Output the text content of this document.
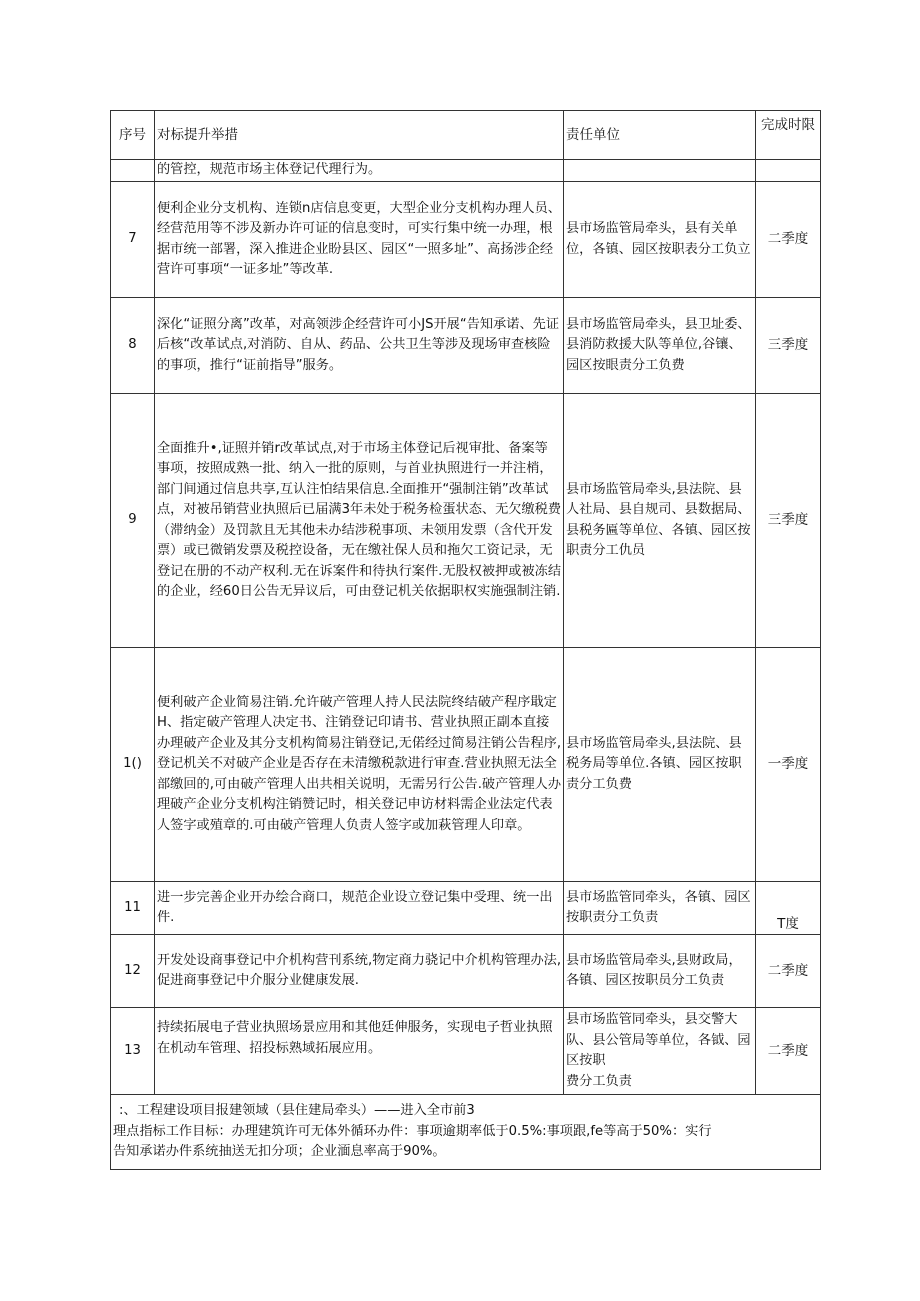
序号	对标提升举措	责任单位	完成时限

	的管控，规范市场主体登记代理行为。		
7	便利企业分支机构、连锁n店信息变更，大型企业分支机构办理人员、经营范用等不涉及新办许可证的信息变时，可实行集中统一办理，根据市统一部署，深入推进企业盼县区、园区“一照多址”、高扬涉企经营许可事项“一证多址”等改革.	县市场监管局牵头，县有关单位，各镇、园区按职表分工负立	二季度
8	深化“证照分离”改革，对高领涉企经营许可小JS开展“告知承诺、先证后核“改革试点,对消防、自从、药品、公共卫生等涉及现场审查核险的事项，推行“证前指导”服务。	县市场监管局牵头，县卫址委、县消防救援大队等单位,谷镶、园区按眼责分工负费	三季度
9	全面推升•,证照并销r改革试点,对于市场主体登记后视审批、备案等事项，按照成熟一批、纳入一批的原则，与首业执照进行一并注梢，部门间通过信息共享,互认注怕结果信息.全面推开“强制注销”改革试点，对被吊销营业执照后已届满3年未处于税务检蛋状态、无欠缴税费（滞纳金）及罚款且无其他未办结涉税事项、未领用发票（含代开发票）或已微销发票及税控设备，无在缴社保人员和拖欠工资记录，无登记在册的不动产权利.无在诉案件和待执行案件.无股权被押或被冻结的企业，经60日公告无异议后，可由登记机关依据职权实施强制注销.	县市场监管局牵头,县法院、县人社局、县自规司、县数据局、县税务匾等单位、各镇、园区按职责分工仇员	三季度
1()	便利破产企业简易注销.允许破产管理人持人民法院终结破产程序戢定H、指定破产管理人决定书、注销登记印请书、营业执照正副本直接办理破产企业及其分支机构简易注销登记,无偌经过简易注销公告程序,登记机关不对破产企业是否存在未清缴税款进行审查.营业执照无法全部缴回的,可由破产管理人出共相关说明，无需另行公告.破产管理人办理破产企业分支机构注销赞记时，相关登记申访材料需企业法定代表人签字或殖章的.可由破产管理人负责人签字或加萩管理人印章。	县市场监管局牵头,县法院、县税务局等单位.各镇、园区按职责分工负费	一季度
11	进一步完善企业开办绘合商口，规范企业设立登记集中受理、统一出件.	县市场监管同牵头，各镇、园区按职责分工负责	T度
12	开发处设商事登记中介机构营刊系统,物定商力骁记中介机构管理办法,促进商事登记中介服分业健康发展.	县市场监管局牵头,县财政局，各镇、园区按职员分工负责	二季度
13	持续拓展电子营业执照场景应用和其他廷伸服务，实现电子哲业执照在机动车管理、招投标熟域拓展应用。	县市场监管同牵头，县交警大队、县公管局等单位，各钺、园区按职
费分工负责	二季度

:、工程建设项目报建领域（县住建局牵头）——进入全市前3
理点指标工作目标：办理建筑许可无体外循环办件：事项逾期率低于0.5%:事项跟,fe等高于50%：实行
告知承诺办件系统抽送无扣分项；企业湎息率高于90%。			
